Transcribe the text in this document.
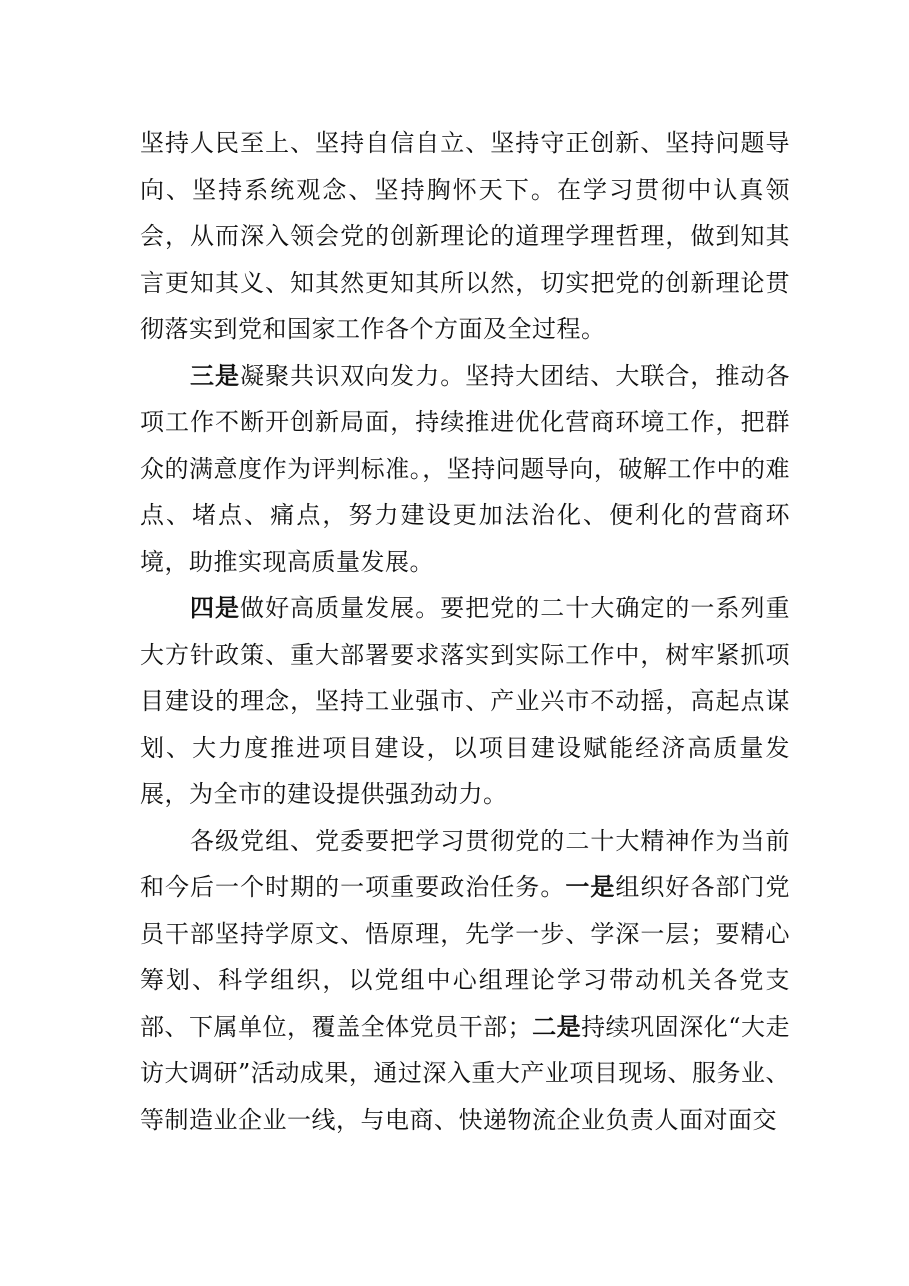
坚持人民至上、坚持自信自立、坚持守正创新、坚持问题导向、坚持系统观念、坚持胸怀天下。在学习贯彻中认真领会，从而深入领会党的创新理论的道理学理哲理，做到知其言更知其义、知其然更知其所以然，切实把党的创新理论贯彻落实到党和国家工作各个方面及全过程。

三是凝聚共识双向发力。坚持大团结、大联合，推动各项工作不断开创新局面，持续推进优化营商环境工作，把群众的满意度作为评判标准。，坚持问题导向，破解工作中的难点、堵点、痛点，努力建设更加法治化、便利化的营商环境，助推实现高质量发展。

四是做好高质量发展。要把党的二十大确定的一系列重大方针政策、重大部署要求落实到实际工作中，树牢紧抓项目建设的理念，坚持工业强市、产业兴市不动摇，高起点谋划、大力度推进项目建设，以项目建设赋能经济高质量发展，为全市的建设提供强劲动力。

各级党组、党委要把学习贯彻党的二十大精神作为当前和今后一个时期的一项重要政治任务。一是组织好各部门党员干部坚持学原文、悟原理，先学一步、学深一层；要精心筹划、科学组织，以党组中心组理论学习带动机关各党支部、下属单位，覆盖全体党员干部；二是持续巩固深化“大走访大调研”活动成果，通过深入重大产业项目现场、服务业、等制造业企业一线，与电商、快递物流企业负责人面对面交
